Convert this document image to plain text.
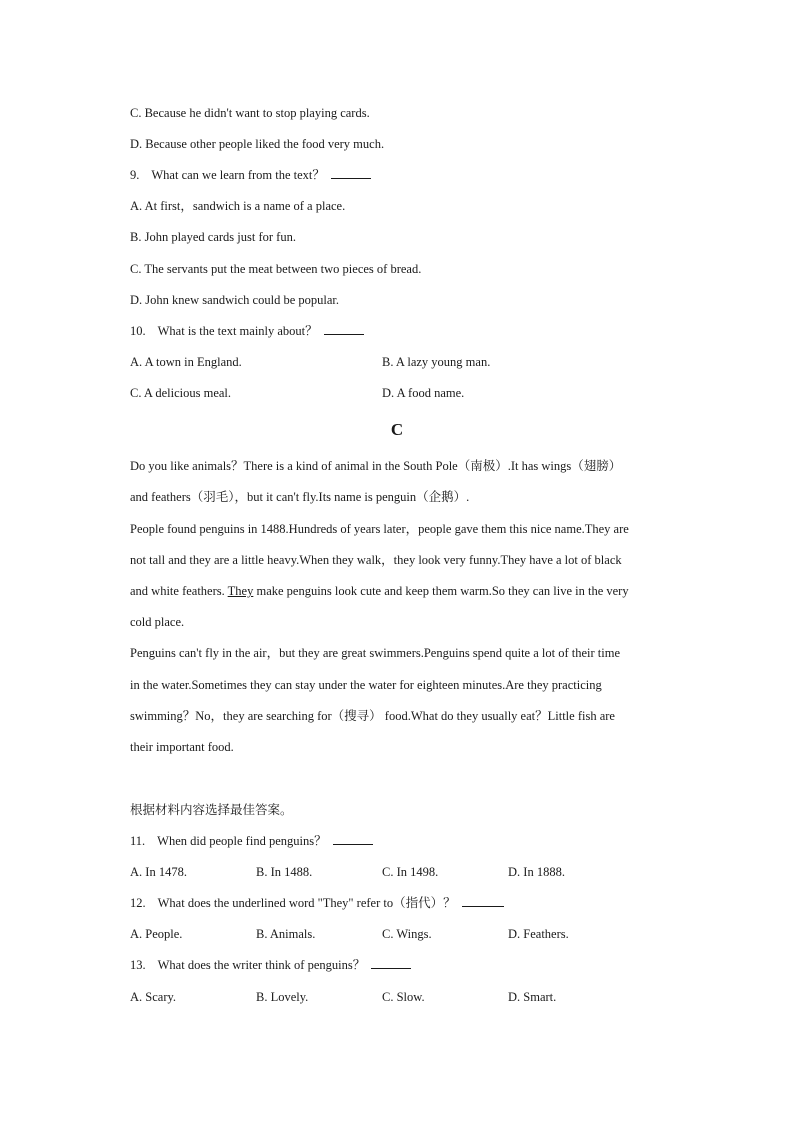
C. Because he didn't want to stop playing cards.
D. Because other people liked the food very much.
9. What can we learn from the text？
A. At first，sandwich is a name of a place.
B. John played cards just for fun.
C. The servants put the meat between two pieces of bread.
D. John knew sandwich could be popular.
10. What is the text mainly about？
A. A town in England.	B. A lazy young man.
C. A delicious meal.	D. A food name.
C
Do you like animals？There is a kind of animal in the South Pole（南极）.It has wings（翅膀）
and feathers（羽毛），but it can't fly.Its name is penguin（企鹅）.
People found penguins in 1488.Hundreds of years later，people gave them this nice name.They are
not tall and they are a little heavy.When they walk，they look very funny.They have a lot of black
and white feathers. They make penguins look cute and keep them warm.So they can live in the very
cold place.
Penguins can't fly in the air，but they are great swimmers.Penguins spend quite a lot of their time
in the water.Sometimes they can stay under the water for eighteen minutes.Are they practicing
swimming？No，they are searching for（搜寻） food.What do they usually eat？Little fish are
their important food.
根据材料内容选择最佳答案。
11. When did people find penguins？
A. In 1478.	B. In 1488.	C. In 1498.	D. In 1888.
12. What does the underlined word "They" refer to（指代）？
A. People.	B. Animals.	C. Wings.	D. Feathers.
13. What does the writer think of penguins？
A. Scary.	B. Lovely.	C. Slow.	D. Smart.
